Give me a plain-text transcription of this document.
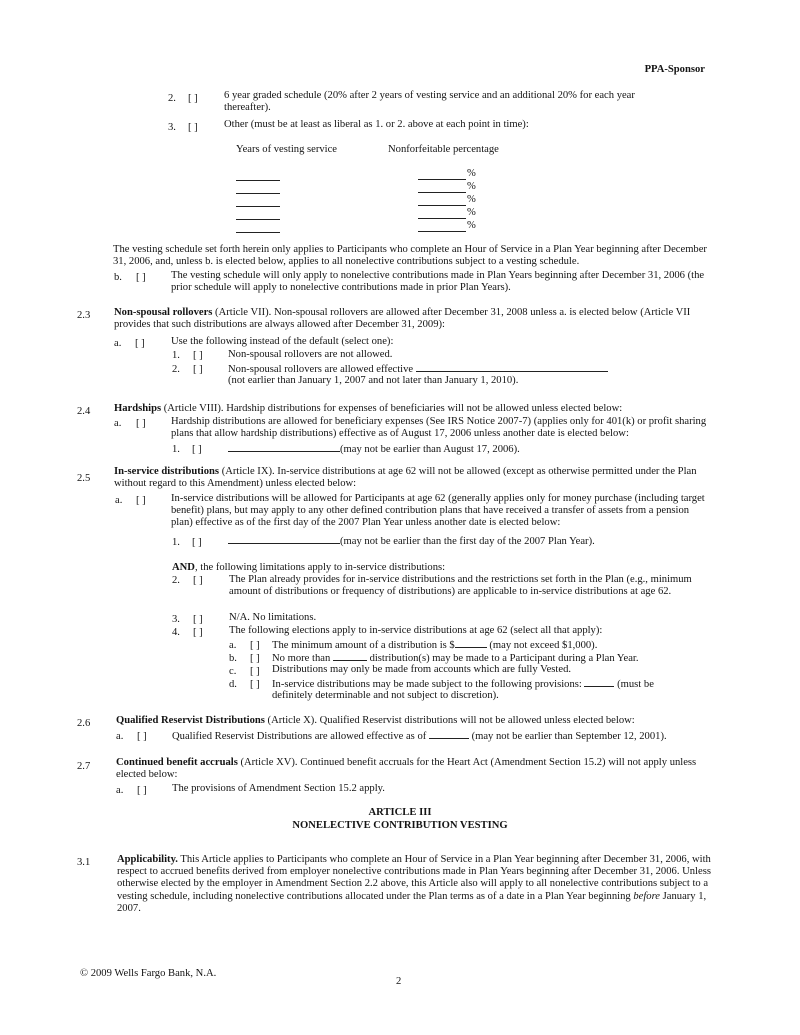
PPA-Sponsor
2. [ ] 6 year graded schedule (20% after 2 years of vesting service and an additional 20% for each year thereafter).
3. [ ] Other (must be at least as liberal as 1. or 2. above at each point in time):
Years of vesting service	Nonforfeitable percentage
%
%
%
%
%
The vesting schedule set forth herein only applies to Participants who complete an Hour of Service in a Plan Year beginning after December 31, 2006, and, unless b. is elected below, applies to all nonelective contributions subject to a vesting schedule.
b. [ ] The vesting schedule will only apply to nonelective contributions made in Plan Years beginning after December 31, 2006 (the prior schedule will apply to nonelective contributions made in prior Plan Years).
2.3 Non-spousal rollovers (Article VII). Non-spousal rollovers are allowed after December 31, 2008 unless a. is elected below (Article VII provides that such distributions are always allowed after December 31, 2009):
a. [ ] Use the following instead of the default (select one):
1. [ ] Non-spousal rollovers are not allowed.
2. [ ] Non-spousal rollovers are allowed effective
(not earlier than January 1, 2007 and not later than January 1, 2010).
2.4 Hardships (Article VIII). Hardship distributions for expenses of beneficiaries will not be allowed unless elected below:
a. [ ] Hardship distributions are allowed for beneficiary expenses (See IRS Notice 2007-7) (applies only for 401(k) or profit sharing plans that allow hardship distributions) effective as of August 17, 2006 unless another date is elected below:
1. [ ]	(may not be earlier than August 17, 2006).
2.5
In-service distributions (Article IX). In-service distributions at age 62 will not be allowed (except as otherwise permitted under the Plan without regard to this Amendment) unless elected below:
a. [ ] In-service distributions will be allowed for Participants at age 62 (generally applies only for money purchase (including target benefit) plans, but may apply to any other defined contribution plans that have received a transfer of assets from a pension plan) effective as of the first day of the 2007 Plan Year unless another date is elected below:
1. [ ]	(may not be earlier than the first day of the 2007 Plan Year).
AND, the following limitations apply to in-service distributions:
2. [ ] The Plan already provides for in-service distributions and the restrictions set forth in the Plan (e.g., minimum amount of distributions or frequency of distributions) are applicable to in-service distributions at age 62.
3. [ ] N/A. No limitations.
4. [ ] The following elections apply to in-service distributions at age 62 (select all that apply):
a. [ ] The minimum amount of a distribution is $	(may not exceed $1,000).
b. [ ] No more than	distribution(s) may be made to a Participant during a Plan Year.
c. [ ] Distributions may only be made from accounts which are fully Vested.
d. [ ] In-service distributions may be made subject to the following provisions:	(must be
definitely determinable and not subject to discretion).
2.6 Qualified Reservist Distributions (Article X). Qualified Reservist distributions will not be allowed unless elected below:
a. [ ] Qualified Reservist Distributions are allowed effective as of	(may not be earlier than September 12, 2001).
2.7 Continued benefit accruals (Article XV). Continued benefit accruals for the Heart Act (Amendment Section 15.2) will not apply unless elected below:
a. [ ] The provisions of Amendment Section 15.2 apply.
ARTICLE III
NONELECTIVE CONTRIBUTION VESTING
3.1	Applicability. This Article applies to Participants who complete an Hour of Service in a Plan Year beginning after December 31, 2006, with respect to accrued benefits derived from employer nonelective contributions made in Plan Years beginning after December 31, 2006. Unless otherwise elected by the employer in Amendment Section 2.2 above, this Article also will apply to all nonelective contributions subject to a vesting schedule, including nonelective contributions allocated under the Plan terms as of a date in a Plan Year beginning before January 1, 2007.
© 2009 Wells Fargo Bank, N.A.
2
